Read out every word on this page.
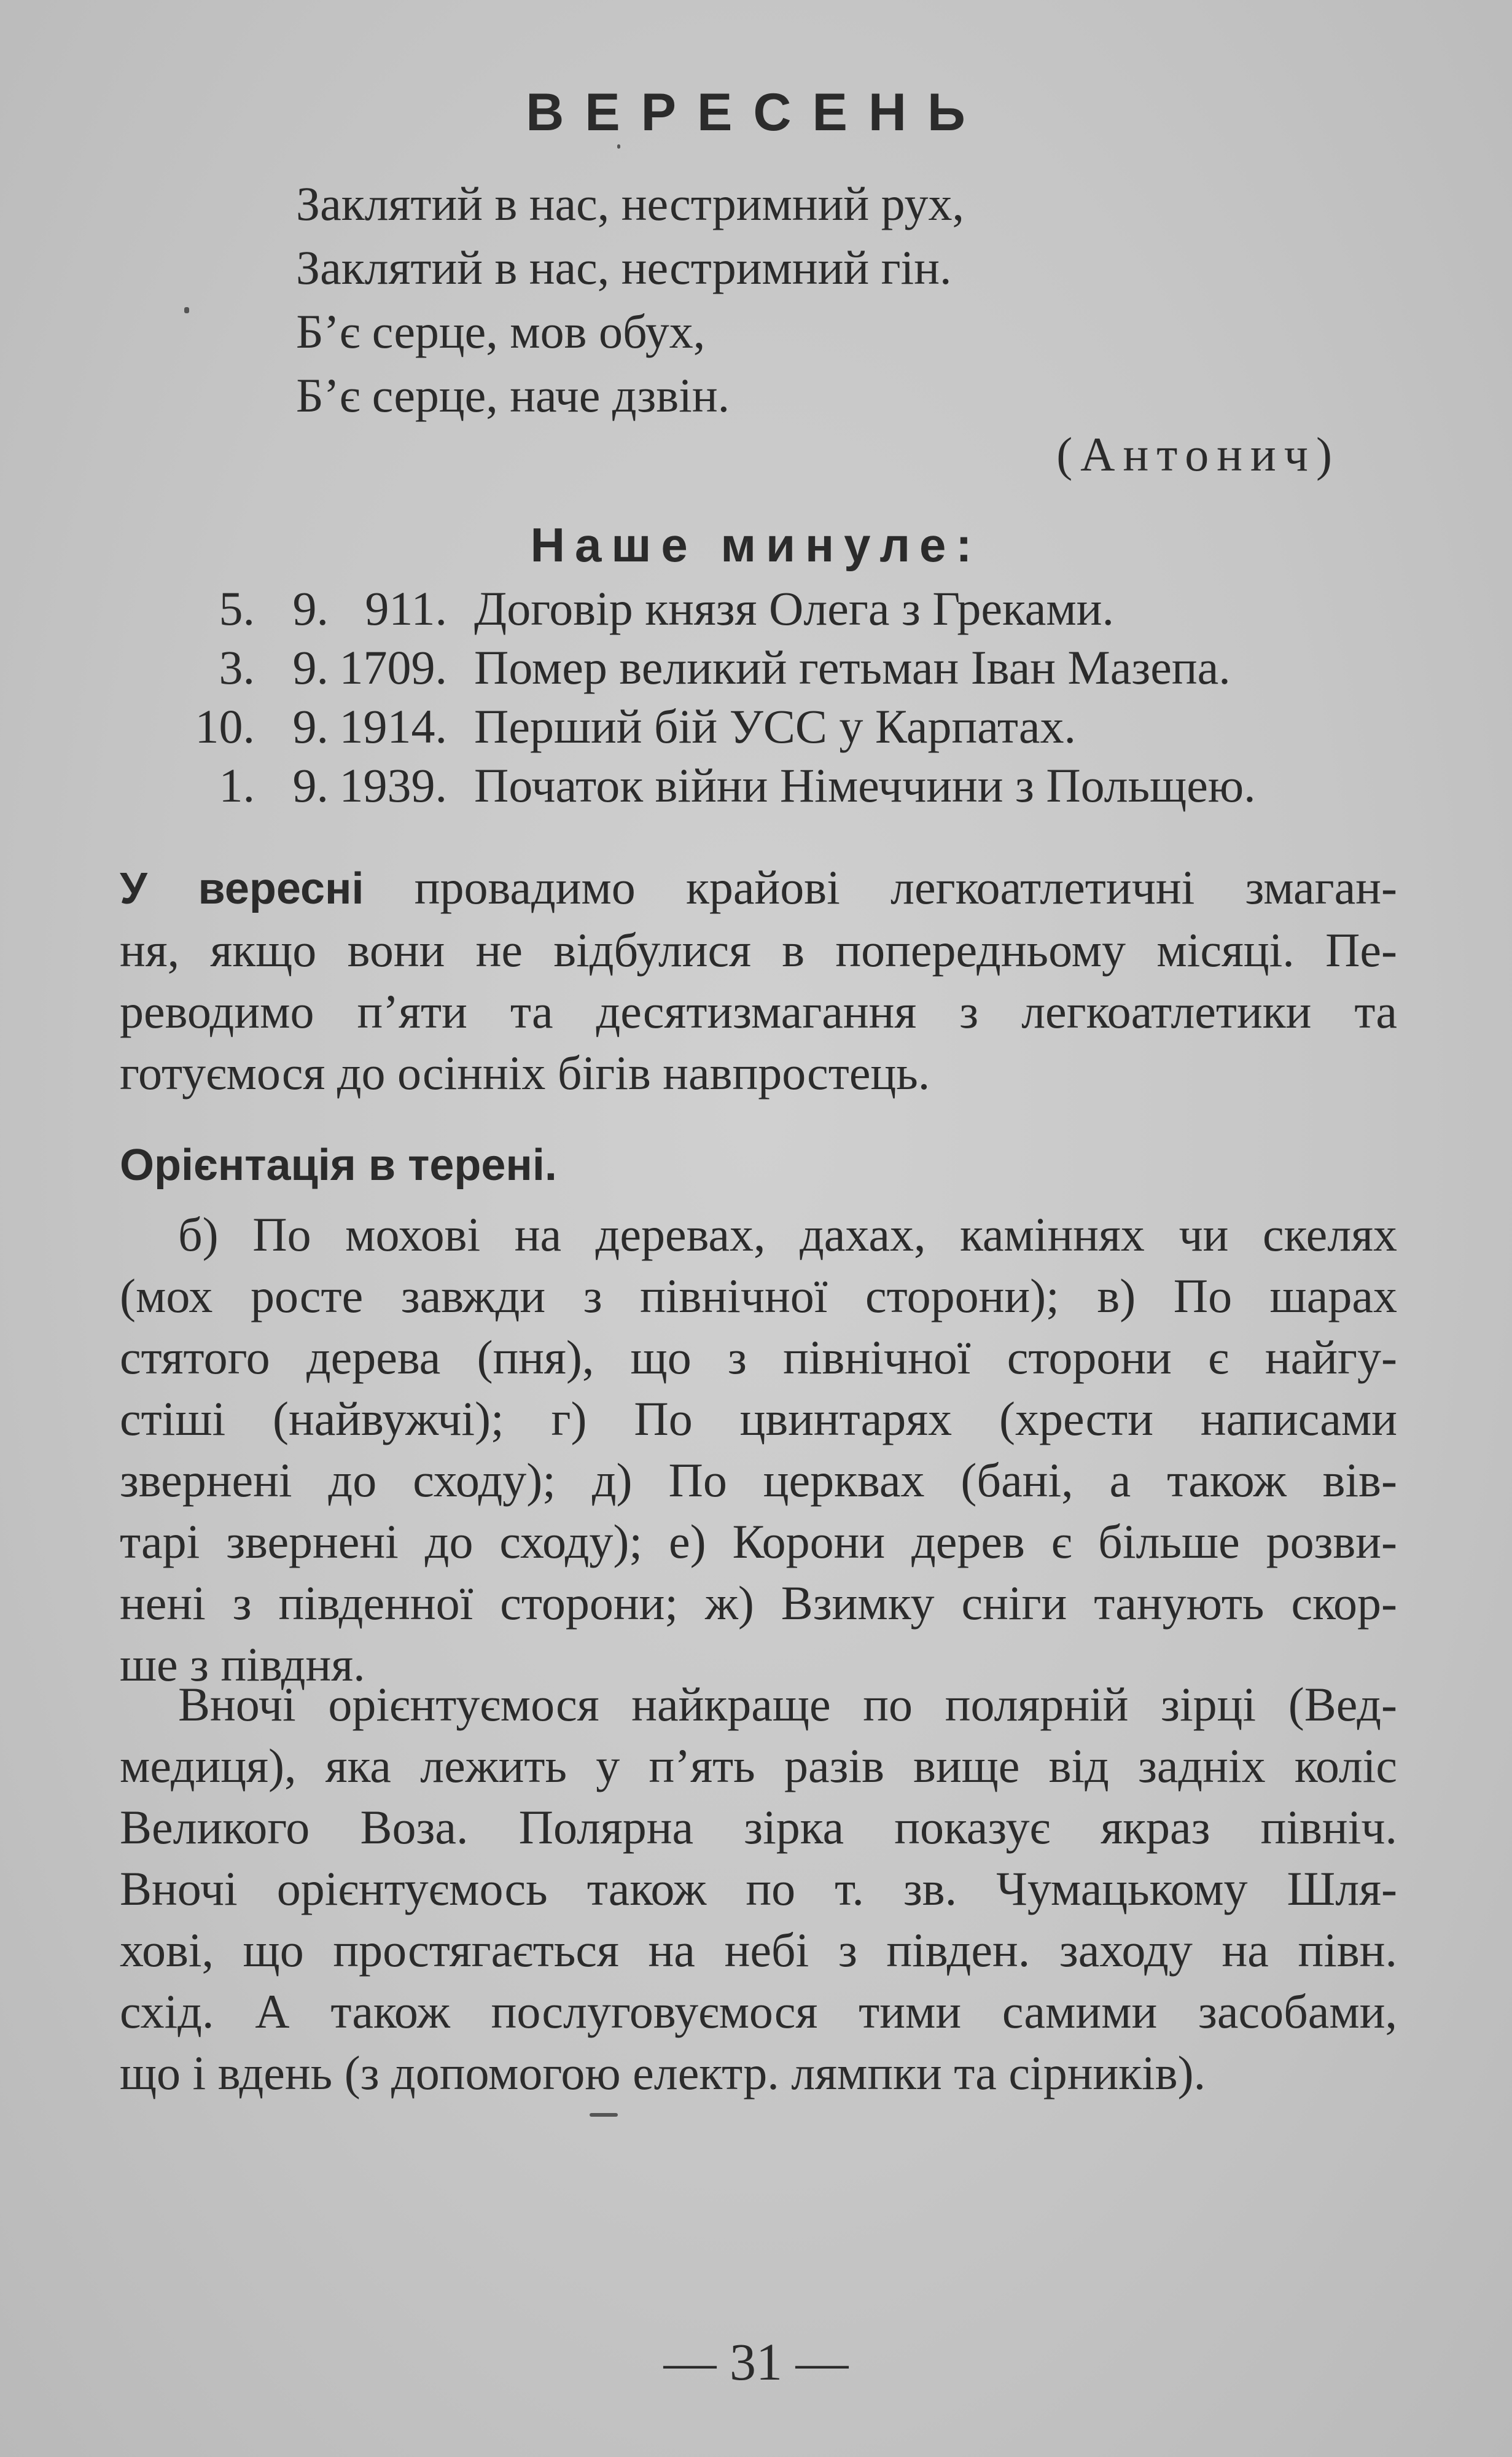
ВЕРЕСЕНЬ
Заклятий в нас, нестримний рух,
Заклятий в нас, нестримний гін.
Б’є серце, мов обух,
Б’є серце, наче дзвін.
(Антонич)
Наше минуле:
5. 9. 911. Договір князя Олега з Греками.
3. 9. 1709. Помер великий гетьман Іван Мазепа.
10. 9. 1914. Перший бій УСС у Карпатах.
1. 9. 1939. Початок війни Німеччини з Польщею.
У вересні провадимо крайові легкоатлетичні змаган-
ня, якщо вони не відбулися в попередньому місяці. Пе-
реводимо п’яти та десятизмагання з легкоатлетики та
готуємося до осінніх бігів навпростець.
Орієнтація в терені.
б) По мохові на деревах, дахах, каміннях чи скелях
(мох росте завжди з північної сторони); в) По шарах
стятого дерева (пня), що з північної сторони є найгу-
стіші (найвужчі); г) По цвинтарях (хрести написами
звернені до сходу); д) По церквах (бані, а також вів-
тарі звернені до сходу); е) Корони дерев є більше розви-
нені з південної сторони; ж) Взимку сніги танують скор-
ше з півдня.
Вночі орієнтуємося найкраще по полярній зірці (Вед-
медиця), яка лежить у п’ять разів вище від задніх коліс
Великого Воза. Полярна зірка показує якраз північ.
Вночі орієнтуємось також по т. зв. Чумацькому Шля-
хові, що простягається на небі з півден. заходу на півн.
схід. А також послуговуємося тими самими засобами,
що і вдень (з допомогою електр. лямпки та сірників).
— 31 —
